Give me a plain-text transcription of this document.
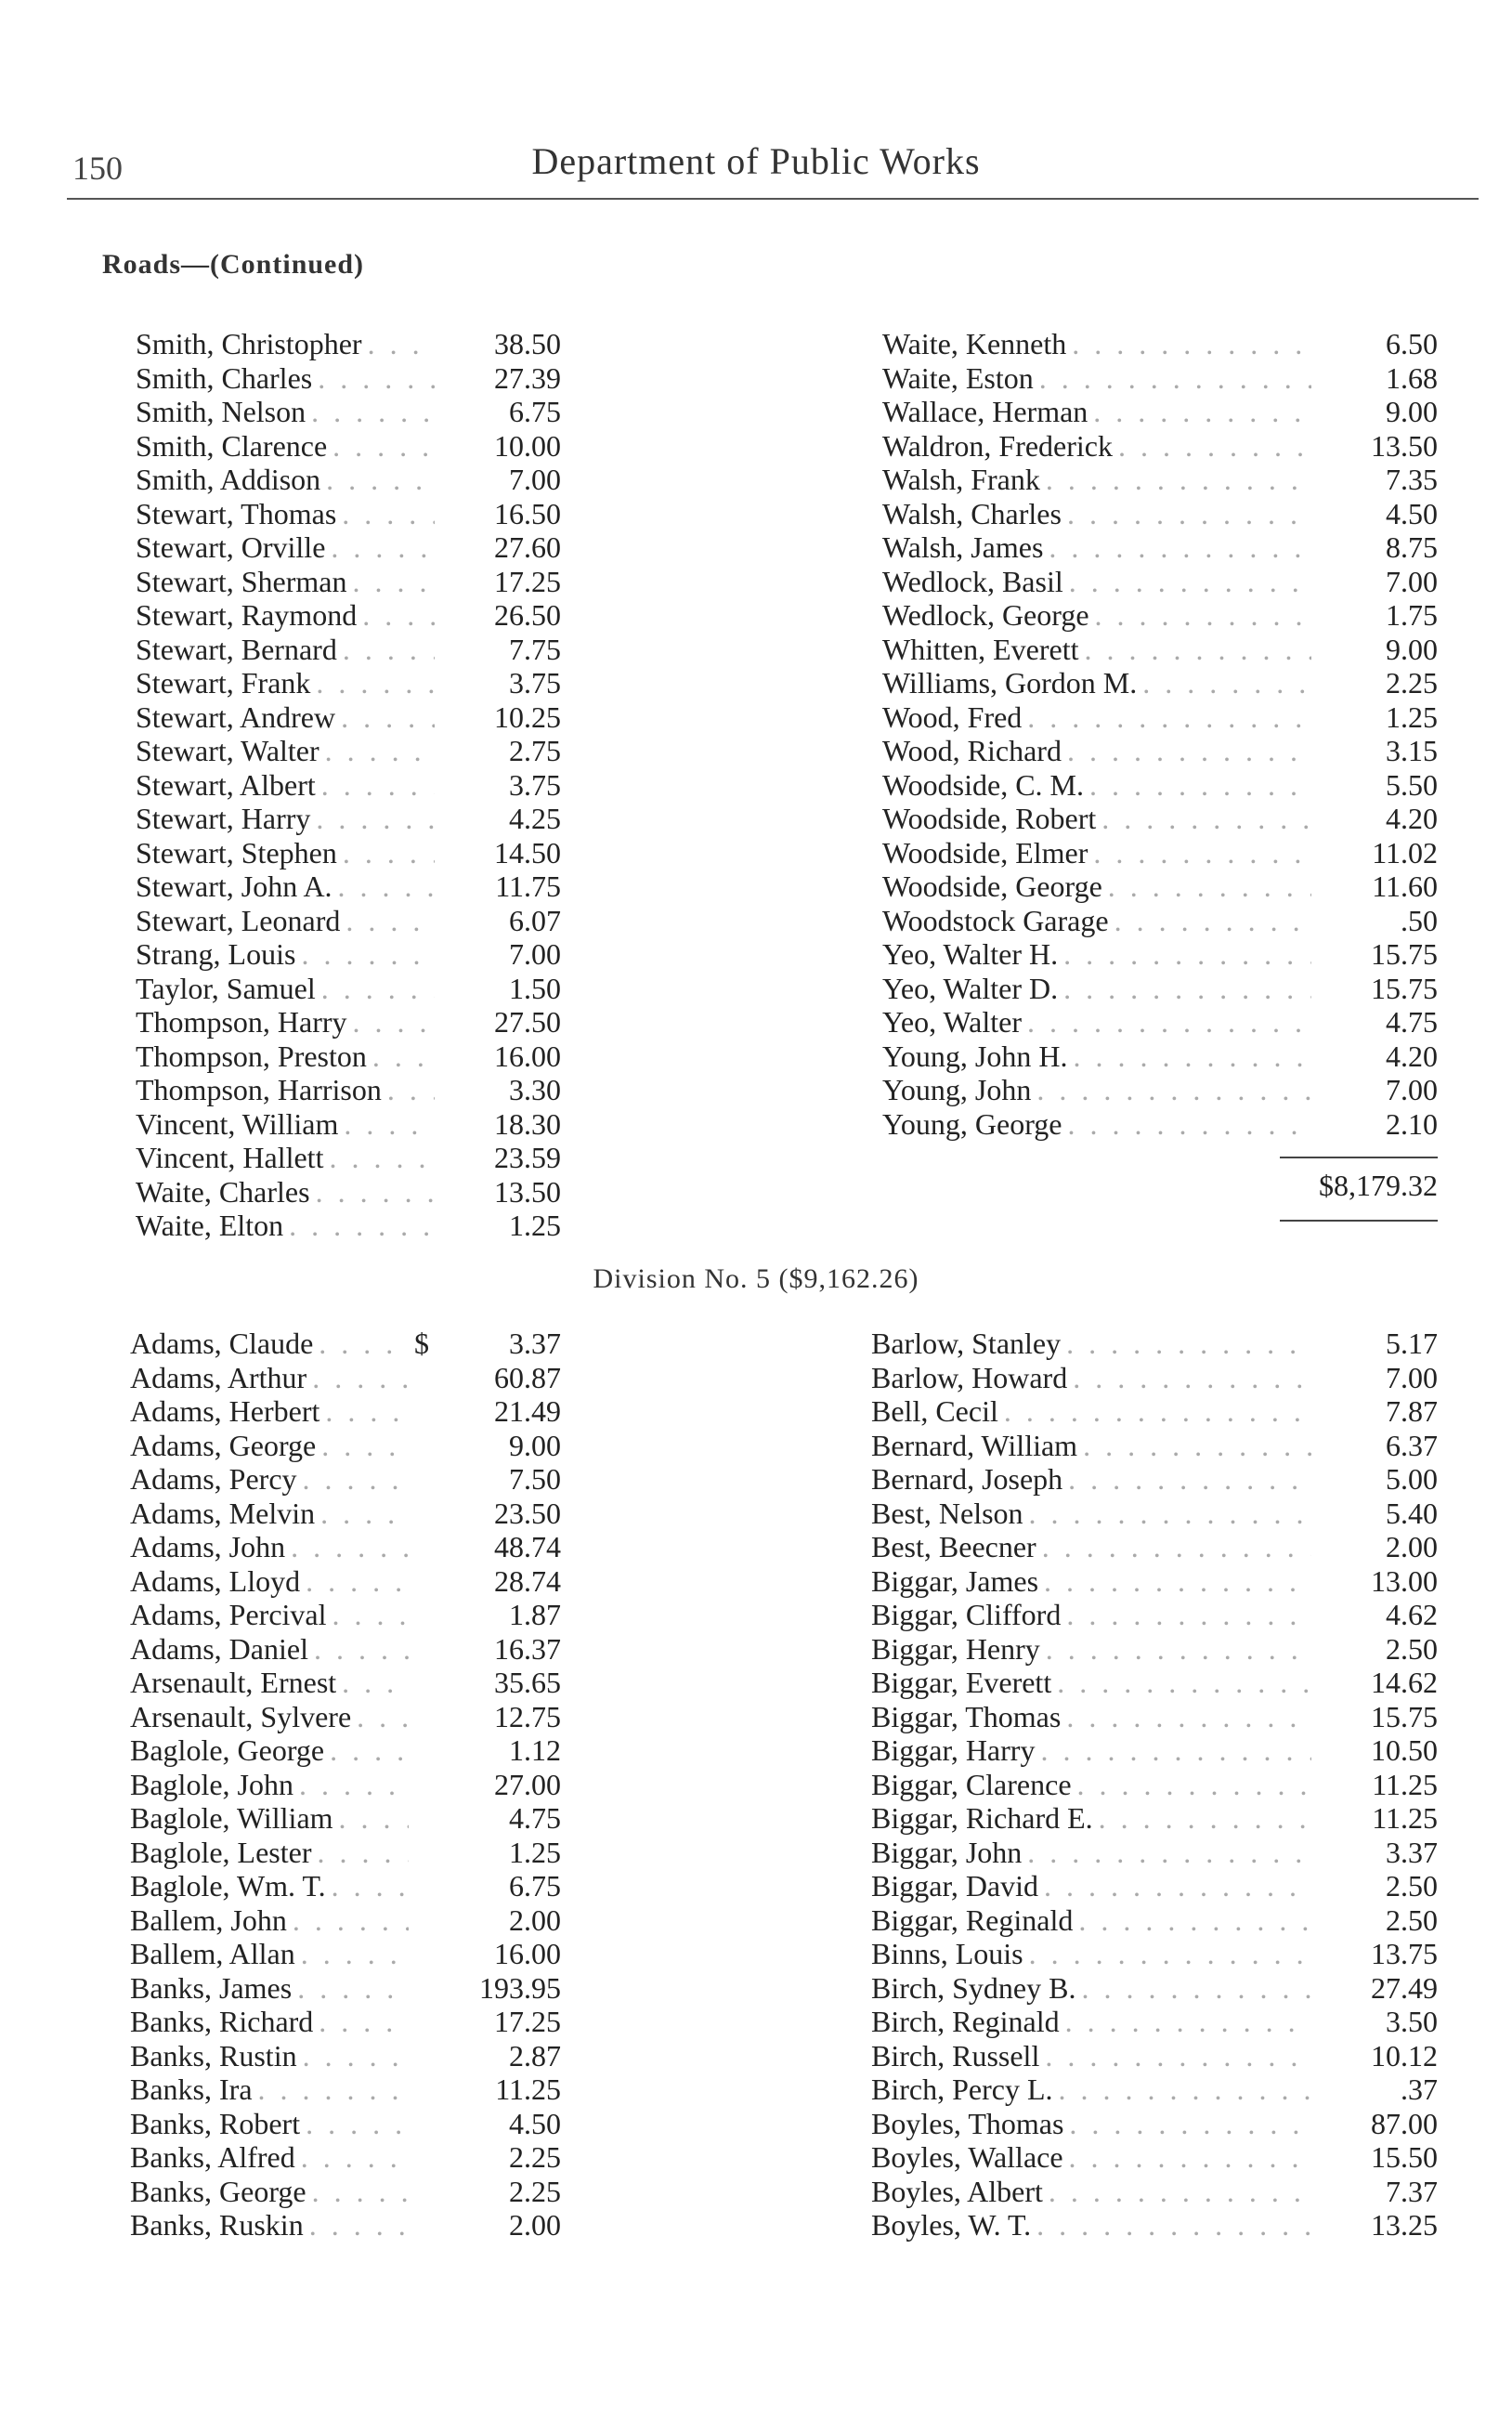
150	Department of Public Works
Roads—(Continued)
Smith, Christopher . . .	38.50
Smith, Charles . . .	27.39
Smith, Nelson . . .	6.75
Smith, Clarence . . .	10.00
Smith, Addison . . .	7.00
Stewart, Thomas . . .	16.50
Stewart, Orville . . .	27.60
Stewart, Sherman . . .	17.25
Stewart, Raymond . . .	26.50
Stewart, Bernard . . .	7.75
Stewart, Frank . . .	3.75
Stewart, Andrew . . .	10.25
Stewart, Walter . . .	2.75
Stewart, Albert . . .	3.75
Stewart, Harry . . .	4.25
Stewart, Stephen . . .	14.50
Stewart, John A. . . .	11.75
Stewart, Leonard . . .	6.07
Strang, Louis . . .	7.00
Taylor, Samuel . . .	1.50
Thompson, Harry . . .	27.50
Thompson, Preston . . .	16.00
Thompson, Harrison . . .	3.30
Vincent, William . . .	18.30
Vincent, Hallett . . .	23.59
Waite, Charles . . .	13.50
Waite, Elton . . .	1.25
Waite, Kenneth . . .	6.50
Waite, Eston . . .	1.68
Wallace, Herman . . .	9.00
Waldron, Frederick . . .	13.50
Walsh, Frank . . .	7.35
Walsh, Charles . . .	4.50
Walsh, James . . .	8.75
Wedlock, Basil . . .	7.00
Wedlock, George . . .	1.75
Whitten, Everett . . .	9.00
Williams, Gordon M. . . .	2.25
Wood, Fred . . .	1.25
Wood, Richard . . .	3.15
Woodside, C. M. . . .	5.50
Woodside, Robert . . .	4.20
Woodside, Elmer . . .	11.02
Woodside, George . . .	11.60
Woodstock Garage . . .	.50
Yeo, Walter H. . . .	15.75
Yeo, Walter D. . . .	15.75
Yeo, Walter . . .	4.75
Young, John H. . . .	4.20
Young, John . . .	7.00
Young, George . . .	2.10
$8,179.32
Division No. 5 ($9,162.26)
Adams, Claude . . .	$	3.37
Adams, Arthur . . .	60.87
Adams, Herbert . . .	21.49
Adams, George . . .	9.00
Adams, Percy . . .	7.50
Adams, Melvin . . .	23.50
Adams, John . . .	48.74
Adams, Lloyd . . .	28.74
Adams, Percival . . .	1.87
Adams, Daniel . . .	16.37
Arsenault, Ernest . . .	35.65
Arsenault, Sylvere . . .	12.75
Baglole, George . . .	1.12
Baglole, John . . .	27.00
Baglole, William . . .	4.75
Baglole, Lester . . .	1.25
Baglole, Wm. T. . . .	6.75
Ballem, John . . .	2.00
Ballem, Allan . . .	16.00
Banks, James . . .	193.95
Banks, Richard . . .	17.25
Banks, Rustin . . .	2.87
Banks, Ira . . .	11.25
Banks, Robert . . .	4.50
Banks, Alfred . . .	2.25
Banks, George . . .	2.25
Banks, Ruskin . . .	2.00
Barlow, Stanley . . .	5.17
Barlow, Howard . . .	7.00
Bell, Cecil . . .	7.87
Bernard, William . . .	6.37
Bernard, Joseph . . .	5.00
Best, Nelson . . .	5.40
Best, Beecner . . .	2.00
Biggar, James . . .	13.00
Biggar, Clifford . . .	4.62
Biggar, Henry . . .	2.50
Biggar, Everett . . .	14.62
Biggar, Thomas . . .	15.75
Biggar, Harry . . .	10.50
Biggar, Clarence . . .	11.25
Biggar, Richard E. . . .	11.25
Biggar, John . . .	3.37
Biggar, David . . .	2.50
Biggar, Reginald . . .	2.50
Binns, Louis . . .	13.75
Birch, Sydney B. . . .	27.49
Birch, Reginald . . .	3.50
Birch, Russell . . .	10.12
Birch, Percy L. . . .	.37
Boyles, Thomas . . .	87.00
Boyles, Wallace . . .	15.50
Boyles, Albert . . .	7.37
Boyles, W. T. . . .	13.25
